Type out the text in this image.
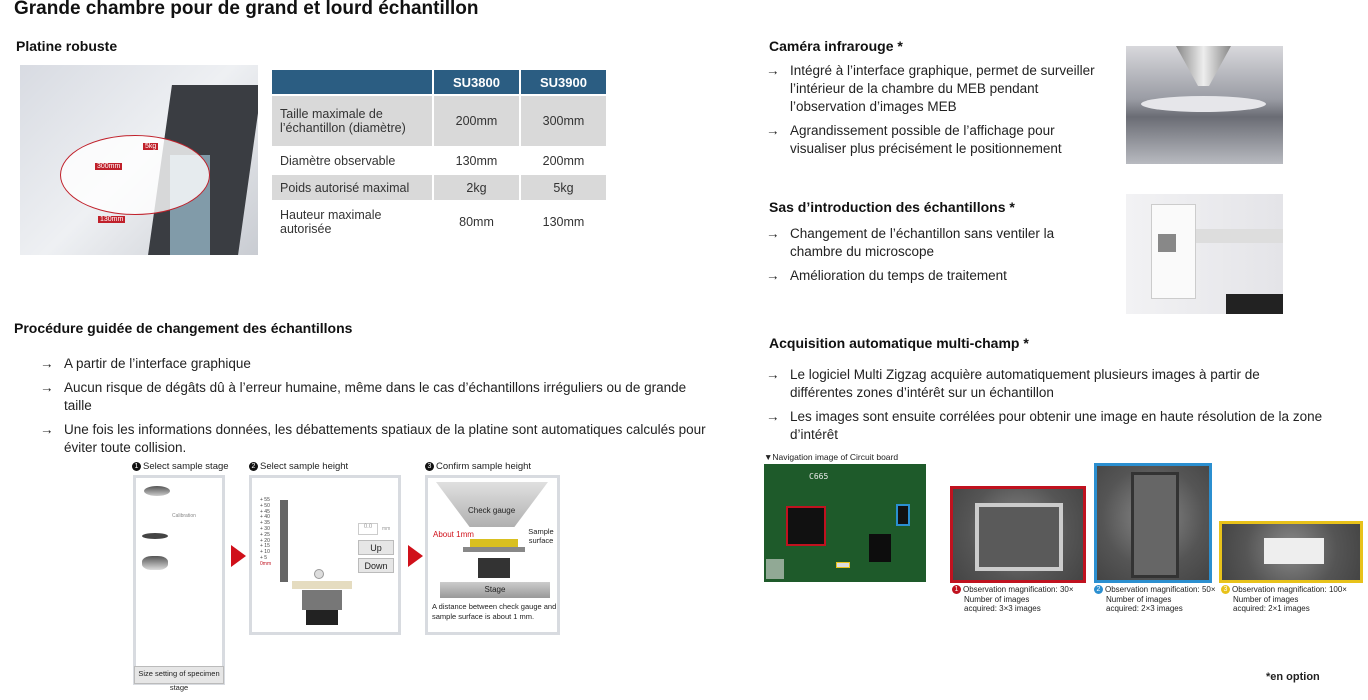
Grande chambre pour de grand et lourd échantillon
Platine robuste
5kg
300mm
130mm
	SU3800	SU3900
Taille maximale de l’échantillon (diamètre)	200mm	300mm
Diamètre observable	130mm	200mm
Poids autorisé maximal	2kg	5kg
Hauteur maximale autorisée	80mm	130mm
Procédure guidée de changement des échantillons
→ A partir de l’interface graphique
→ Aucun risque de dégâts dû à l’erreur humaine, même dans le cas d’échantillons irréguliers ou de grande taille
→ Une fois les informations données, les débattements spatiaux de la platine sont automatiques calculés pour éviter toute collision.
1 Select sample stage
Calibration
Size setting of specimen stage
2 Select sample height
+ 55
+ 50
+ 45
+ 40
+ 35
+ 30
+ 25
+ 20
+ 15
+ 10
+ 5
0mm
0.0	mm
Up
Down
3 Confirm sample height
Check gauge
About 1mm	Sample surface
Stage
A distance between check gauge and sample surface is about 1 mm.
Caméra infrarouge *
→ Intégré à l’interface graphique, permet de surveiller l’intérieur de la chambre du MEB pendant l’observation d’images MEB
→ Agrandissement possible de l’affichage pour visualiser plus précisément le positionnement
Sas d’introduction des échantillons *
→ Changement de l’échantillon sans ventiler la chambre du microscope
→ Amélioration du temps de traitement
Acquisition automatique multi-champ *
→ Le logiciel Multi Zigzag acquière automatiquement plusieurs images à partir de différentes zones d’intérêt sur un échantillon
→ Les images sont ensuite corrélées pour obtenir une image en haute résolution de la zone d’intérêt
▼Navigation image of Circuit board
C665
1 Observation magnification: 30×
Number of images
acquired: 3×3 images
2 Observation magnification: 50×
Number of images
acquired: 2×3 images
3 Observation magnification: 100×
Number of images
acquired: 2×1 images
*en option
